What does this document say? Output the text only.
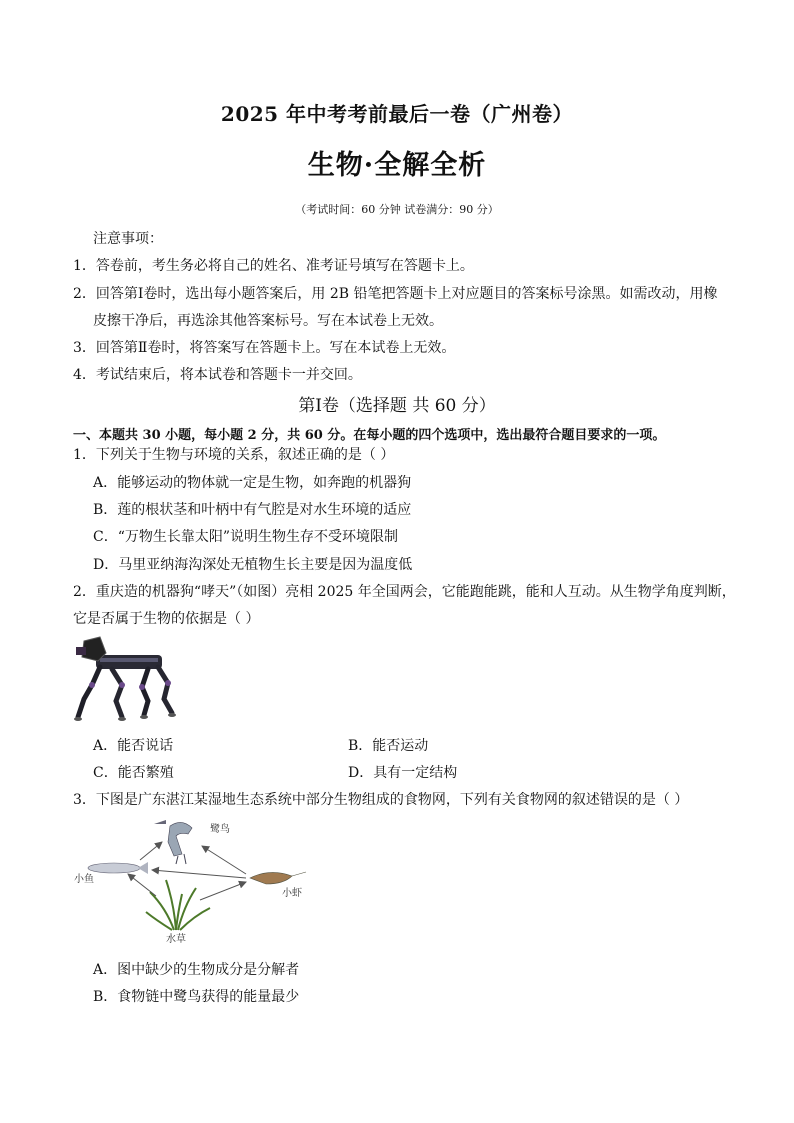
2025 年中考考前最后一卷（广州卷）
生物·全解全析
（考试时间：60 分钟 试卷满分：90 分）
注意事项：
1．答卷前，考生务必将自己的姓名、准考证号填写在答题卡上。
2．回答第Ⅰ卷时，选出每小题答案后，用 2B 铅笔把答题卡上对应题目的答案标号涂黑。如需改动，用橡
皮擦干净后，再选涂其他答案标号。写在本试卷上无效。
3．回答第Ⅱ卷时，将答案写在答题卡上。写在本试卷上无效。
4．考试结束后，将本试卷和答题卡一并交回。
第Ⅰ卷（选择题 共 60 分）
一、本题共 30 小题，每小题 2 分，共 60 分。在每小题的四个选项中，选出最符合题目要求的一项。
1．下列关于生物与环境的关系，叙述正确的是（ ）
A．能够运动的物体就一定是生物，如奔跑的机器狗
B．莲的根状茎和叶柄中有气腔是对水生环境的适应
C．“万物生长靠太阳”说明生物生存不受环境限制
D．马里亚纳海沟深处无植物生长主要是因为温度低
2．重庆造的机器狗“哮天”（如图）亮相 2025 年全国两会，它能跑能跳，能和人互动。从生物学角度判断，
它是否属于生物的依据是（ ）
A．能否说话	B．能否运动
C．能否繁殖	D．具有一定结构
3．下图是广东湛江某湿地生态系统中部分生物组成的食物网，下列有关食物网的叙述错误的是（ ）
鹭鸟
小鱼
小虾
水草
A．图中缺少的生物成分是分解者
B．食物链中鹭鸟获得的能量最少
